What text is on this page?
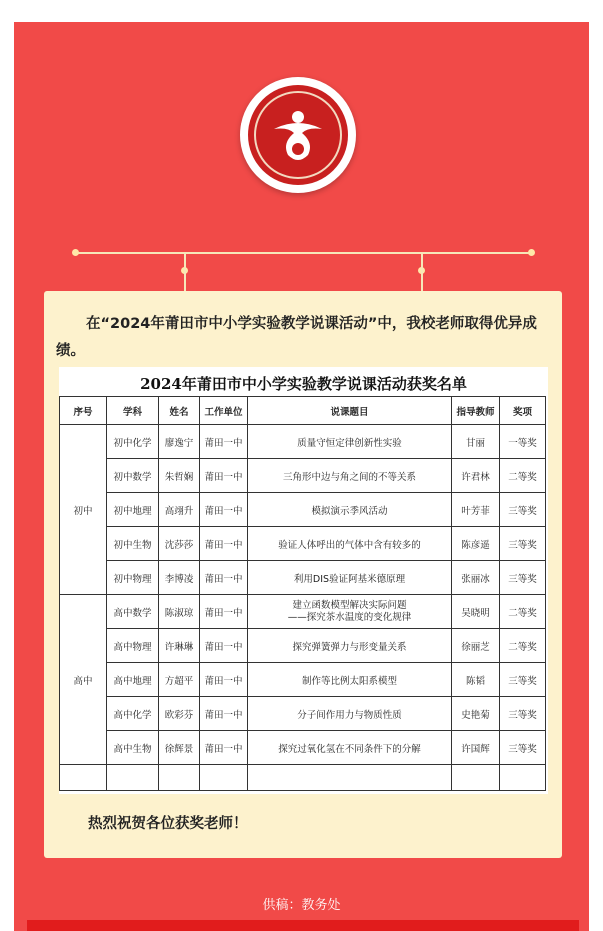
在“2024年莆田市中小学实验教学说课活动”中，我校老师取得优异成绩。
2024年莆田市中小学实验教学说课活动获奖名单
序号	学科	姓名	工作单位	说课题目	指导教师	奖项
初中	初中化学	廖逸宁	莆田一中	质量守恒定律创新性实验	甘丽	一等奖
	初中数学	朱哲娴	莆田一中	三角形中边与角之间的不等关系	许君林	二等奖
	初中地理	高翊升	莆田一中	模拟演示季风活动	叶芳菲	三等奖
	初中生物	沈莎莎	莆田一中	验证人体呼出的气体中含有较多的	陈彦遥	三等奖
	初中物理	李博凌	莆田一中	利用DIS验证阿基米德原理	张丽冰	三等奖
高中	高中数学	陈淑琼	莆田一中	建立函数模型解决实际问题
——探究茶水温度的变化规律	吴晓明	二等奖
	高中物理	许琳琳	莆田一中	探究弹簧弹力与形变量关系	徐丽芝	二等奖
	高中地理	方超平	莆田一中	制作等比例太阳系模型	陈韬	三等奖
	高中化学	欧彩芬	莆田一中	分子间作用力与物质性质	史艳菊	三等奖
	高中生物	徐辉景	莆田一中	探究过氧化氢在不同条件下的分解	许国辉	三等奖

热烈祝贺各位获奖老师！
供稿：教务处
